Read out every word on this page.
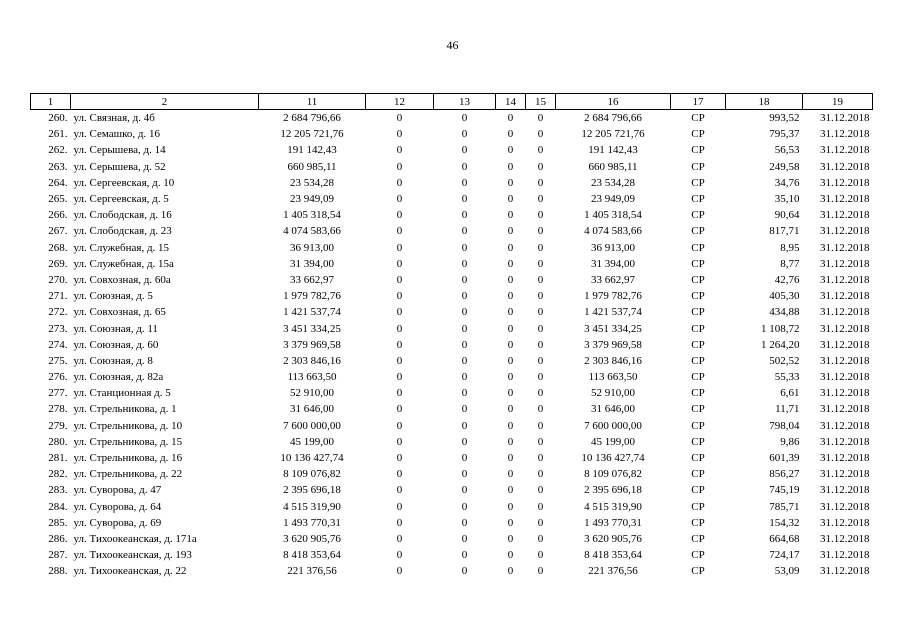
46
1	2	11	12	13	14	15	16	17	18	19
260.	ул. Связная, д. 4б	2 684 796,66	0	0	0	0	2 684 796,66	СР	993,52	31.12.2018
261.	ул. Семашко, д. 16	12 205 721,76	0	0	0	0	12 205 721,76	СР	795,37	31.12.2018
262.	ул. Серышева, д. 14	191 142,43	0	0	0	0	191 142,43	СР	56,53	31.12.2018
263.	ул. Серышева, д. 52	660 985,11	0	0	0	0	660 985,11	СР	249,58	31.12.2018
264.	ул. Сергеевская, д. 10	23 534,28	0	0	0	0	23 534,28	СР	34,76	31.12.2018
265.	ул. Сергеевская, д. 5	23 949,09	0	0	0	0	23 949,09	СР	35,10	31.12.2018
266.	ул. Слободская, д. 16	1 405 318,54	0	0	0	0	1 405 318,54	СР	90,64	31.12.2018
267.	ул. Слободская, д. 23	4 074 583,66	0	0	0	0	4 074 583,66	СР	817,71	31.12.2018
268.	ул. Служебная, д. 15	36 913,00	0	0	0	0	36 913,00	СР	8,95	31.12.2018
269.	ул. Служебная, д. 15а	31 394,00	0	0	0	0	31 394,00	СР	8,77	31.12.2018
270.	ул. Совхозная, д. 60а	33 662,97	0	0	0	0	33 662,97	СР	42,76	31.12.2018
271.	ул. Союзная, д. 5	1 979 782,76	0	0	0	0	1 979 782,76	СР	405,30	31.12.2018
272.	ул. Совхозная, д. 65	1 421 537,74	0	0	0	0	1 421 537,74	СР	434,88	31.12.2018
273.	ул. Союзная, д. 11	3 451 334,25	0	0	0	0	3 451 334,25	СР	1 108,72	31.12.2018
274.	ул. Союзная, д. 60	3 379 969,58	0	0	0	0	3 379 969,58	СР	1 264,20	31.12.2018
275.	ул. Союзная, д. 8	2 303 846,16	0	0	0	0	2 303 846,16	СР	502,52	31.12.2018
276.	ул. Союзная, д. 82а	113 663,50	0	0	0	0	113 663,50	СР	55,33	31.12.2018
277.	ул. Станционная д. 5	52 910,00	0	0	0	0	52 910,00	СР	6,61	31.12.2018
278.	ул. Стрельникова, д. 1	31 646,00	0	0	0	0	31 646,00	СР	11,71	31.12.2018
279.	ул. Стрельникова, д. 10	7 600 000,00	0	0	0	0	7 600 000,00	СР	798,04	31.12.2018
280.	ул. Стрельникова, д. 15	45 199,00	0	0	0	0	45 199,00	СР	9,86	31.12.2018
281.	ул. Стрельникова, д. 16	10 136 427,74	0	0	0	0	10 136 427,74	СР	601,39	31.12.2018
282.	ул. Стрельникова, д. 22	8 109 076,82	0	0	0	0	8 109 076,82	СР	856,27	31.12.2018
283.	ул. Суворова, д. 47	2 395 696,18	0	0	0	0	2 395 696,18	СР	745,19	31.12.2018
284.	ул. Суворова, д. 64	4 515 319,90	0	0	0	0	4 515 319,90	СР	785,71	31.12.2018
285.	ул. Суворова, д. 69	1 493 770,31	0	0	0	0	1 493 770,31	СР	154,32	31.12.2018
286.	ул. Тихоокеанская, д. 171а	3 620 905,76	0	0	0	0	3 620 905,76	СР	664,68	31.12.2018
287.	ул. Тихоокеанская, д. 193	8 418 353,64	0	0	0	0	8 418 353,64	СР	724,17	31.12.2018
288.	ул. Тихоокеанская, д. 22	221 376,56	0	0	0	0	221 376,56	СР	53,09	31.12.2018
